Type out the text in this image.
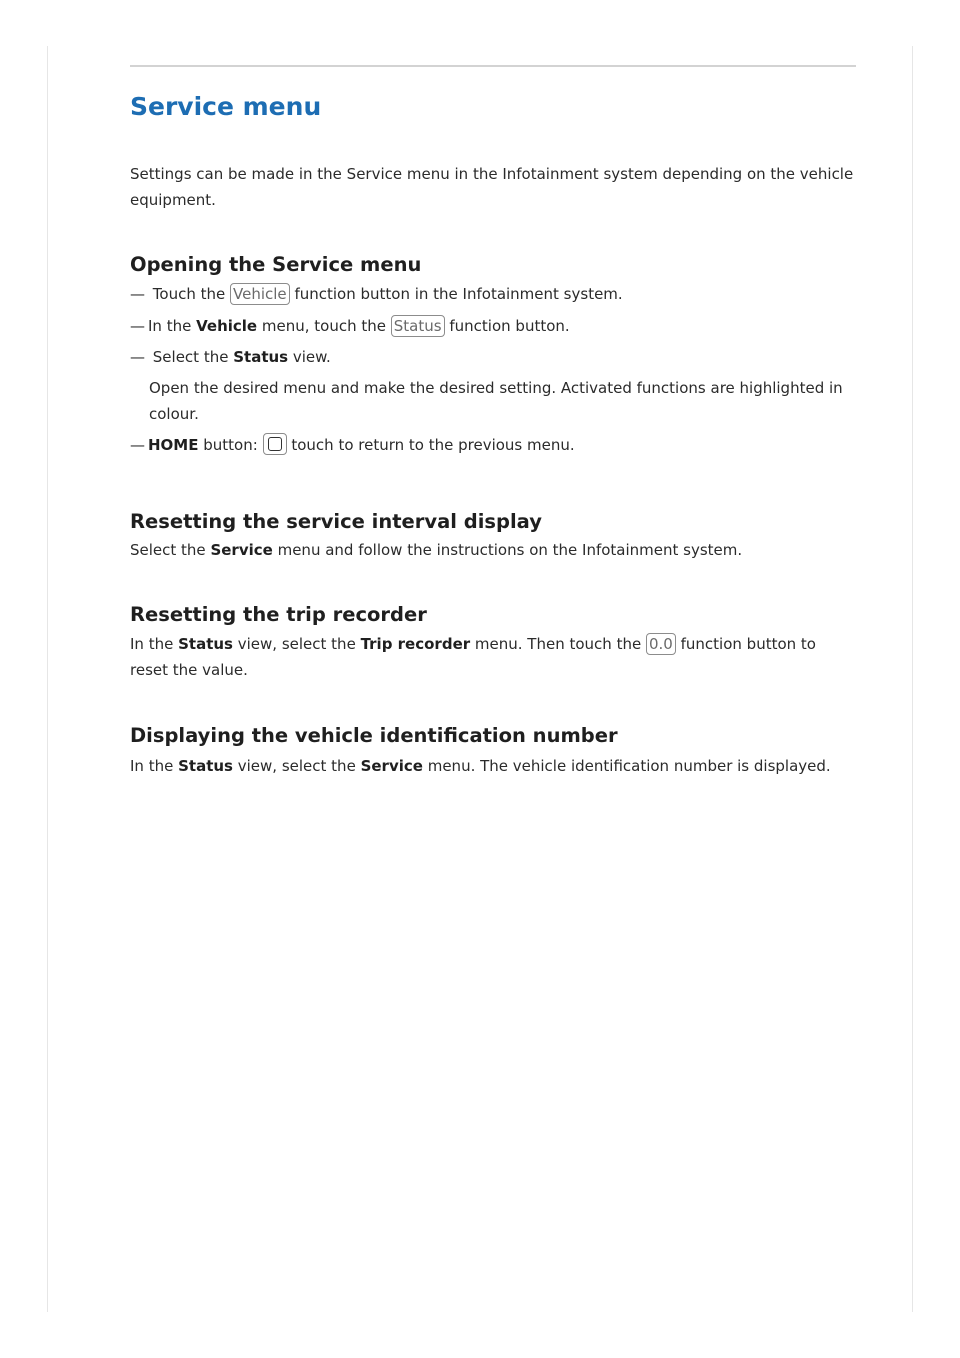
Service menu

Settings can be made in the Service menu in the Infotainment system depending on the vehicle equipment.

Opening the Service menu

— Touch the Vehicle function button in the Infotainment system.

— In the Vehicle menu, touch the Status function button.

— Select the Status view.

Open the desired menu and make the desired setting. Activated functions are highlighted in colour.

— HOME button: touch to return to the previous menu.

Resetting the service interval display

Select the Service menu and follow the instructions on the Infotainment system.

Resetting the trip recorder

In the Status view, select the Trip recorder menu. Then touch the 0.0 function button to reset the value.

Displaying the vehicle identification number

In the Status view, select the Service menu. The vehicle identification number is displayed.
